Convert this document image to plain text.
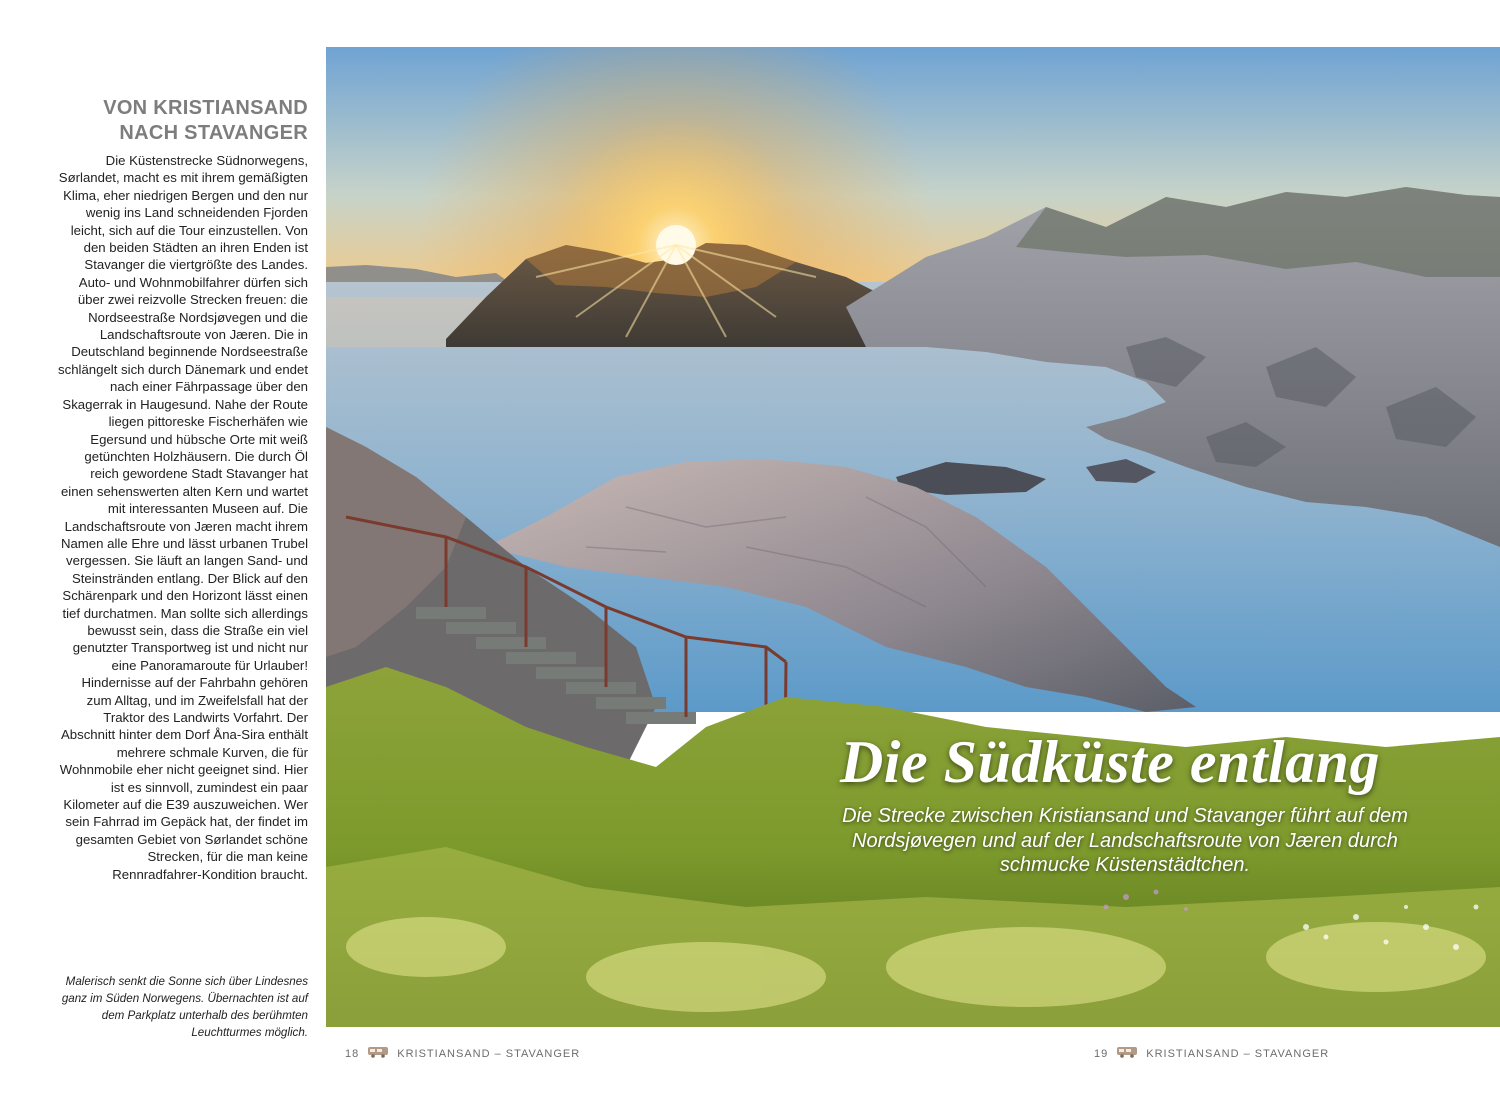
VON KRISTIANSAND
NACH STAVANGER

Die Küstenstrecke Südnorwegens, Sørlandet, macht es mit ihrem gemäßigten Klima, eher niedrigen Bergen und den nur wenig ins Land schneidenden Fjorden leicht, sich auf die Tour einzustellen. Von den beiden Städten an ihren Enden ist Stavanger die viertgrößte des Landes. Auto- und Wohnmobilfahrer dürfen sich über zwei reizvolle Strecken freuen: die Nordseestraße Nordsjøvegen und die Landschaftsroute von Jæren. Die in Deutschland beginnende Nordseestraße schlängelt sich durch Dänemark und endet nach einer Fährpassage über den Skagerrak in Haugesund. Nahe der Route liegen pittoreske Fischerhäfen wie Egersund und hübsche Orte mit weiß getünchten Holzhäusern. Die durch Öl reich gewordene Stadt Stavanger hat einen sehenswerten alten Kern und wartet mit interessanten Museen auf. Die Landschaftsroute von Jæren macht ihrem Namen alle Ehre und lässt urbanen Trubel vergessen. Sie läuft an langen Sand- und Steinstränden entlang. Der Blick auf den Schärenpark und den Horizont lässt einen tief durchatmen. Man sollte sich allerdings bewusst sein, dass die Straße ein viel genutzter Transportweg ist und nicht nur eine Panoramaroute für Urlauber! Hindernisse auf der Fahrbahn gehören zum Alltag, und im Zweifelsfall hat der Traktor des Landwirts Vorfahrt. Der Abschnitt hinter dem Dorf Åna-Sira enthält mehrere schmale Kurven, die für Wohnmobile eher nicht geeignet sind. Hier ist es sinnvoll, zumindest ein paar Kilometer auf die E39 auszuweichen. Wer sein Fahrrad im Gepäck hat, der findet im gesamten Gebiet von Sørlandet schöne Strecken, für die man keine Rennradfahrer-Kondition braucht.

Malerisch senkt die Sonne sich über Lindesnes ganz im Süden Norwegens. Übernachten ist auf dem Parkplatz unterhalb des berühmten Leuchtturmes möglich.

Die Südküste entlang

Die Strecke zwischen Kristiansand und Stavanger führt auf dem Nordsjøvegen und auf der Landschaftsroute von Jæren durch schmucke Küstenstädtchen.

18	KRISTIANSAND – STAVANGER	19	KRISTIANSAND – STAVANGER
